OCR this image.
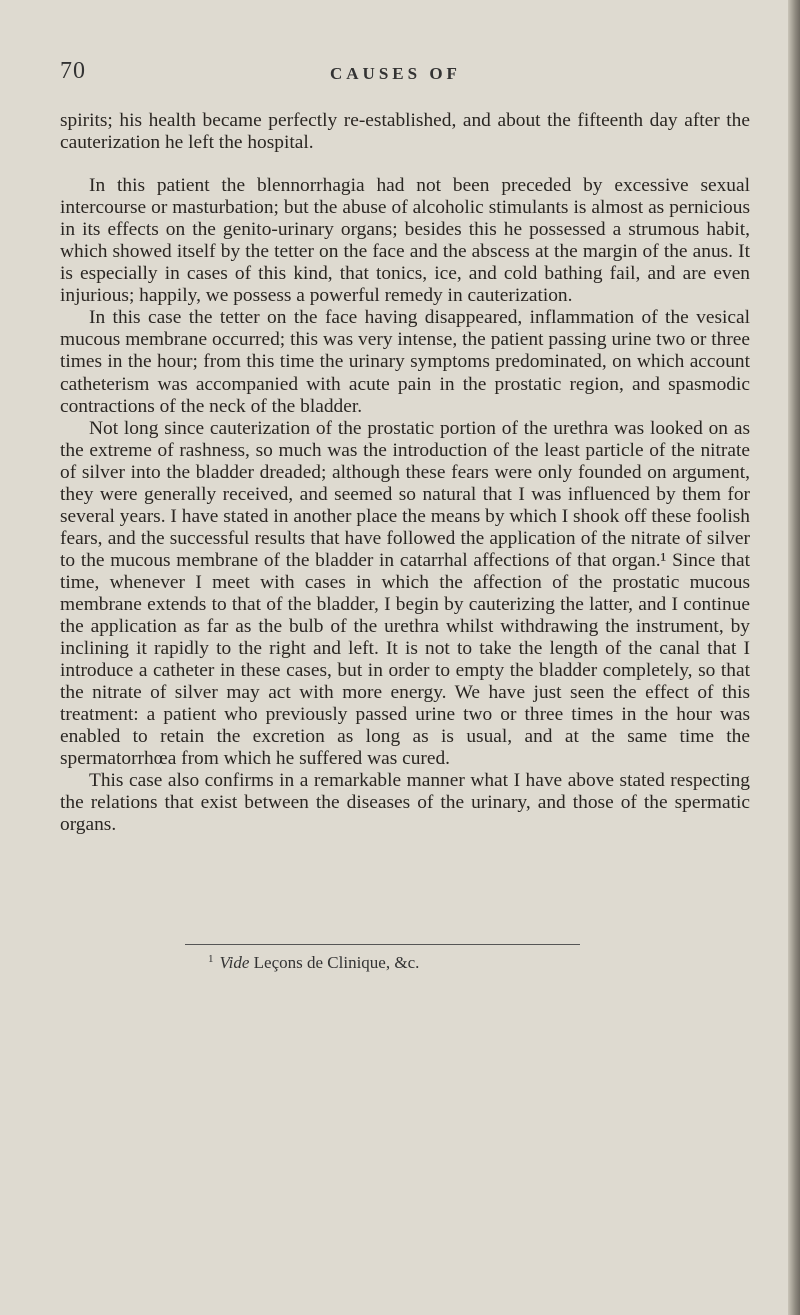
70	CAUSES OF

spirits; his health became perfectly re-established, and about the fifteenth day after the cauterization he left the hospital.

In this patient the blennorrhagia had not been preceded by excessive sexual intercourse or masturbation; but the abuse of alcoholic stimulants is almost as pernicious in its effects on the genito-urinary organs; besides this he possessed a strumous habit, which showed itself by the tetter on the face and the abscess at the margin of the anus. It is especially in cases of this kind, that tonics, ice, and cold bathing fail, and are even injurious; happily, we possess a powerful remedy in cauterization.

In this case the tetter on the face having disappeared, inflammation of the vesical mucous membrane occurred; this was very intense, the patient passing urine two or three times in the hour; from this time the urinary symptoms predominated, on which account catheterism was accompanied with acute pain in the prostatic region, and spasmodic contractions of the neck of the bladder.

Not long since cauterization of the prostatic portion of the urethra was looked on as the extreme of rashness, so much was the introduction of the least particle of the nitrate of silver into the bladder dreaded; although these fears were only founded on argument, they were generally received, and seemed so natural that I was influenced by them for several years. I have stated in another place the means by which I shook off these foolish fears, and the successful results that have followed the application of the nitrate of silver to the mucous membrane of the bladder in catarrhal affections of that organ.¹ Since that time, whenever I meet with cases in which the affection of the prostatic mucous membrane extends to that of the bladder, I begin by cauterizing the latter, and I continue the application as far as the bulb of the urethra whilst withdrawing the instrument, by inclining it rapidly to the right and left. It is not to take the length of the canal that I introduce a catheter in these cases, but in order to empty the bladder completely, so that the nitrate of silver may act with more energy. We have just seen the effect of this treatment: a patient who previously passed urine two or three times in the hour was enabled to retain the excretion as long as is usual, and at the same time the spermatorrhœa from which he suffered was cured.

This case also confirms in a remarkable manner what I have above stated respecting the relations that exist between the diseases of the urinary, and those of the spermatic organs.

$^1$ Vide Leçons de Clinique, &c.
